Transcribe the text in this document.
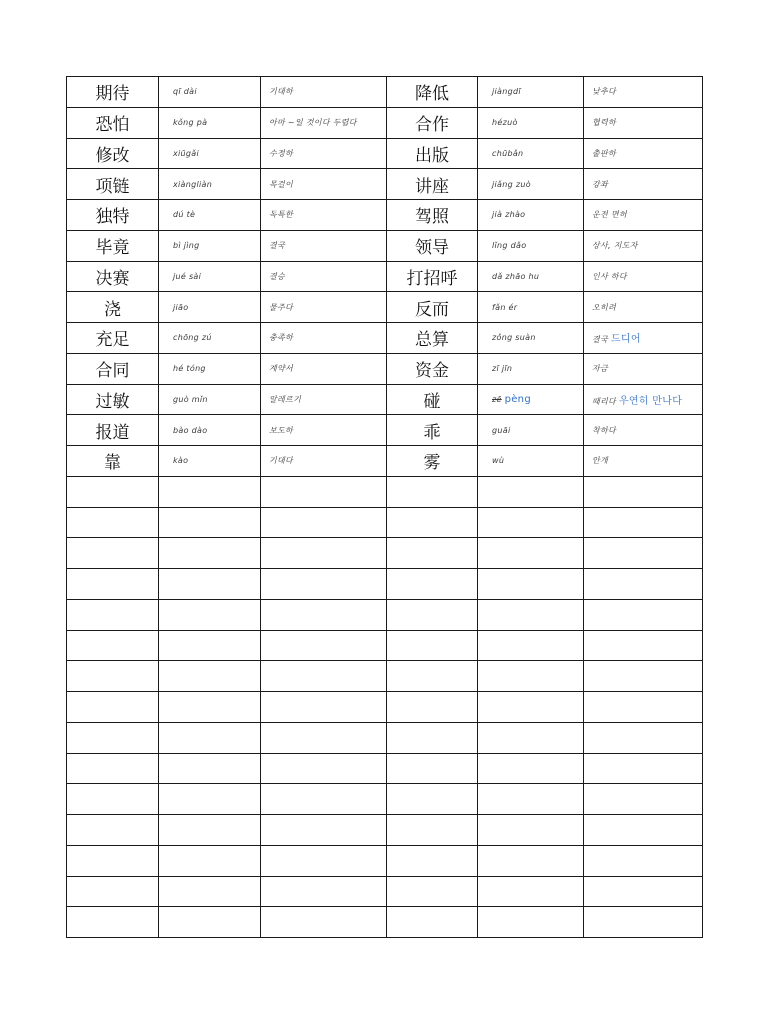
期待	qī dài	기대하	降低	jiàngdī	낮추다
恐怕	kǒng pà	아마 ~일 것이다 두렵다	合作	hézuò	협력하
修改	xiūgǎi	수정하	出版	chūbǎn	출판하
项链	xiàngliàn	목걸이	讲座	jiǎng zuò	강좌
独特	dú tè	독특한	驾照	jià zhào	운전 면허
毕竟	bì jìng	결국	领导	lǐng dǎo	상사, 지도자
决赛	jué sài	결승	打招呼	dǎ zhāo hu	인사 하다
浇	jiāo	물주다	反而	fǎn ér	오히려
充足	chōng zú	충족하	总算	zǒng suàn	결국 드디어
合同	hé tóng	계약서	资金	zī jīn	자금
过敏	guò mǐn	알레르기	碰	zē pèng	때리다 우연히 만나다
报道	bào dào	보도하	乖	guāi	착하다
靠	kào	기대다	雾	wù	안개
